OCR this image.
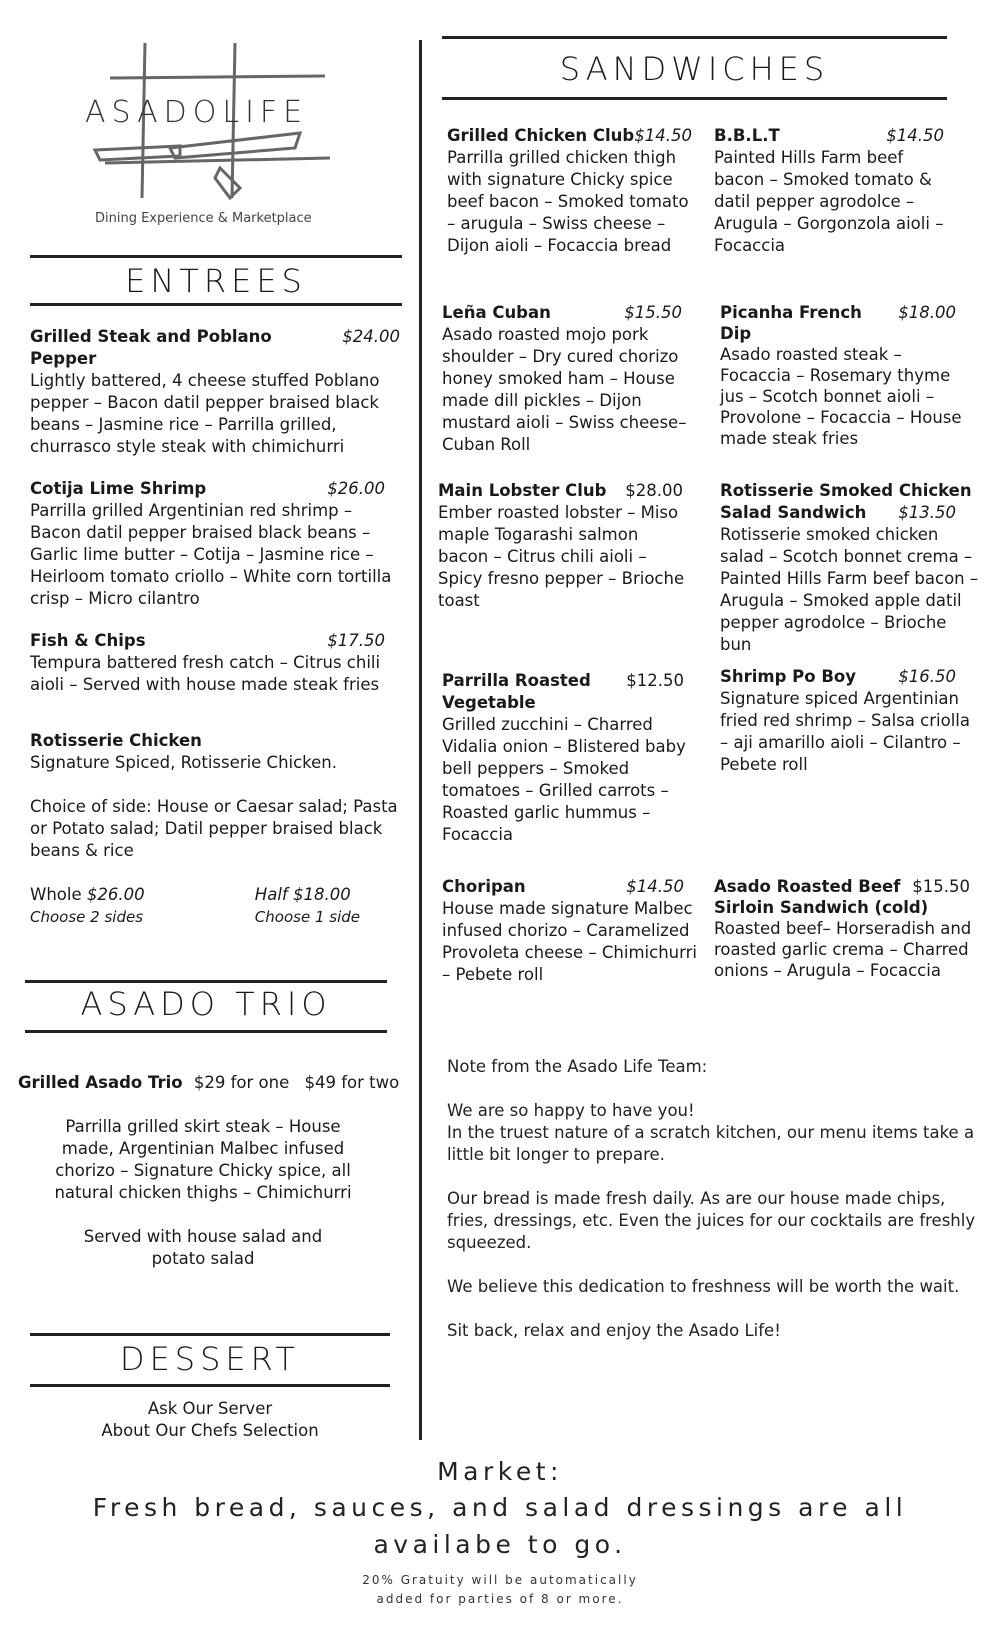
ASADOLIFE
Dining Experience & Marketplace
ENTREES
Grilled Steak and Poblano Pepper
$24.00
Lightly battered, 4 cheese stuffed Poblano pepper – Bacon datil pepper braised black beans – Jasmine rice – Parrilla grilled, churrasco style steak with chimichurri
Cotija Lime Shrimp	$26.00
Parrilla grilled Argentinian red shrimp – Bacon datil pepper braised black beans – Garlic lime butter – Cotija – Jasmine rice – Heirloom tomato criollo – White corn tortilla crisp – Micro cilantro
Fish & Chips	$17.50
Tempura battered fresh catch – Citrus chili aioli – Served with house made steak fries
Rotisserie Chicken
Signature Spiced, Rotisserie Chicken.
Choice of side: House or Caesar salad; Pasta or Potato salad; Datil pepper braised black beans & rice
Whole $26.00
Choose 2 sides
Half $18.00
Choose 1 side
ASADO TRIO
Grilled Asado Trio $29 for one $49 for two
Parrilla grilled skirt steak – House made, Argentinian Malbec infused chorizo – Signature Chicky spice, all natural chicken thighs – Chimichurri
Served with house salad and potato salad
DESSERT
Ask Our Server
About Our Chefs Selection
SANDWICHES
Grilled Chicken Club $14.50
Parrilla grilled chicken thigh with signature Chicky spice beef bacon – Smoked tomato – arugula – Swiss cheese – Dijon aioli – Focaccia bread
B.B.L.T	$14.50
Painted Hills Farm beef bacon – Smoked tomato & datil pepper agrodolce – Arugula – Gorgonzola aioli – Focaccia
Leña Cuban	$15.50
Asado roasted mojo pork shoulder – Dry cured chorizo honey smoked ham – House made dill pickles – Dijon mustard aioli – Swiss cheese– Cuban Roll
Picanha French Dip
$18.00
Asado roasted steak – Focaccia – Rosemary thyme jus – Scotch bonnet aioli – Provolone – Focaccia – House made steak fries
Main Lobster Club $28.00
Ember roasted lobster – Miso maple Togarashi salmon bacon – Citrus chili aioli – Spicy fresno pepper – Brioche toast
Rotisserie Smoked Chicken
Salad Sandwich $13.50
Rotisserie smoked chicken salad – Scotch bonnet crema – Painted Hills Farm beef bacon – Arugula – Smoked apple datil pepper agrodolce – Brioche bun
Parrilla Roasted $12.50
Vegetable
Grilled zucchini – Charred Vidalia onion – Blistered baby bell peppers – Smoked tomatoes – Grilled carrots – Roasted garlic hummus – Focaccia
Shrimp Po Boy	$16.50
Signature spiced Argentinian fried red shrimp – Salsa criolla – aji amarillo aioli – Cilantro – Pebete roll
Choripan	$14.50
House made signature Malbec infused chorizo – Caramelized Provoleta cheese – Chimichurri – Pebete roll
Asado Roasted Beef $15.50
Sirloin Sandwich (cold)
Roasted beef– Horseradish and roasted garlic crema – Charred onions – Arugula – Focaccia

Note from the Asado Life Team:

We are so happy to have you!

In the truest nature of a scratch kitchen, our menu items take a little bit longer to prepare.

Our bread is made fresh daily. As are our house made chips, fries, dressings, etc. Even the juices for our cocktails are freshly squeezed.

We believe this dedication to freshness will be worth the wait.

Sit back, relax and enjoy the Asado Life!

Market:
Fresh bread, sauces, and salad dressings are all
availabe to go.
20% Gratuity will be automatically
added for parties of 8 or more.
